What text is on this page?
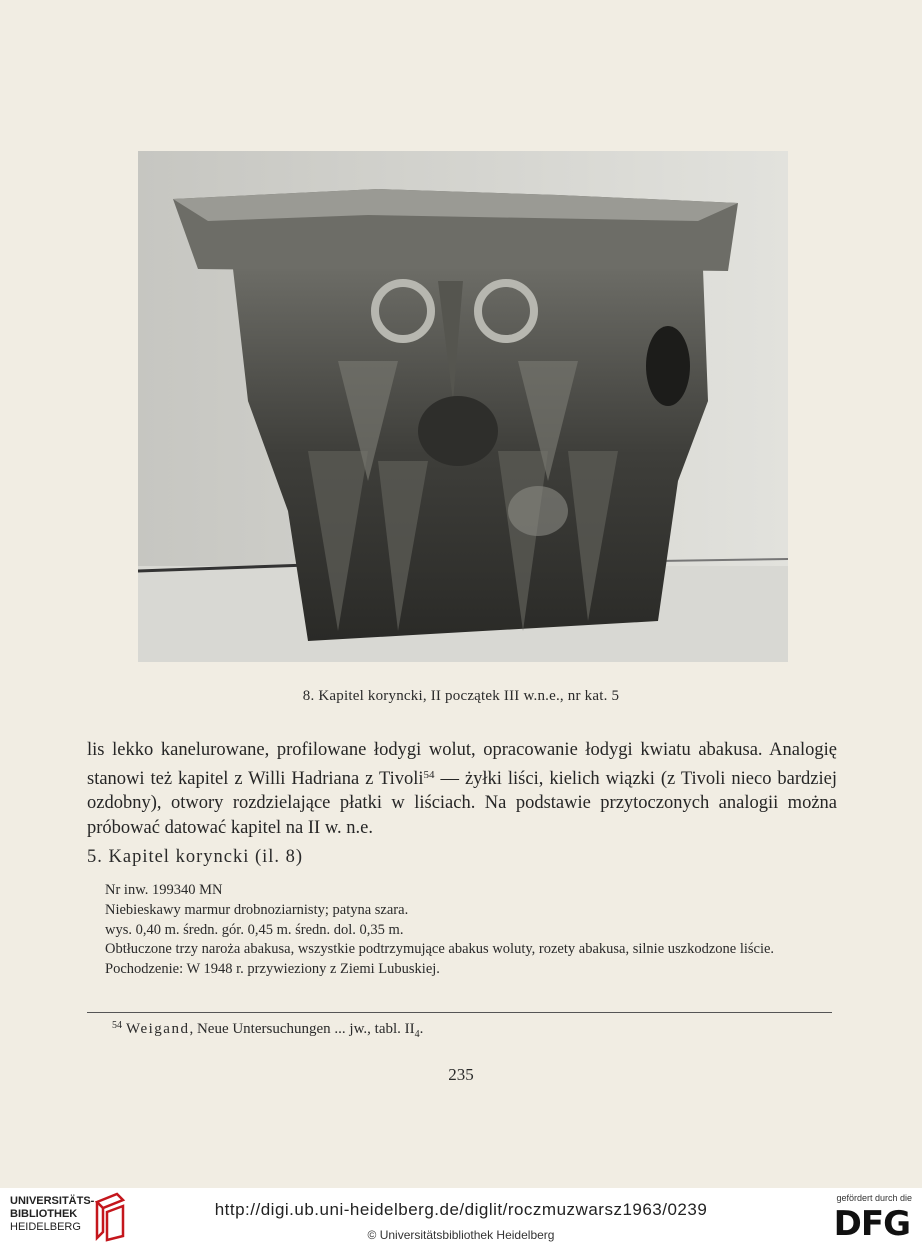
8. Kapitel koryncki, II początek III w.n.e., nr kat. 5

lis lekko kanelurowane, profilowane łodygi wolut, opracowanie łodygi kwiatu abakusa. Analogię stanowi też kapitel z Willi Hadriana z Tivoli$^{54}$ — żyłki liści, kielich wiązki (z Tivoli nieco bardziej ozdobny), otwory rozdzielające płatki w liściach. Na podstawie przytoczonych analogii można próbować datować kapitel na II w. n.e.

5. Kapitel koryncki (il. 8)
Nr inw. 199340 MN
Niebieskawy marmur drobnoziarnisty; patyna szara.
wys. 0,40 m. średn. gór. 0,45 m. średn. dol. 0,35 m.
Obtłuczone trzy naroża abakusa, wszystkie podtrzymujące abakus woluty, rozety abakusa, silnie uszkodzone liście.
Pochodzenie: W 1948 r. przywieziony z Ziemi Lubuskiej.
$^{54}$ Weigand, Neue Untersuchungen ... jw., tabl. $II_4$.
235
UNIVERSITÄTS-
BIBLIOTHEK
HEIDELBERG
http://digi.ub.uni-heidelberg.de/diglit/roczmuzwarsz1963/0239
© Universitätsbibliothek Heidelberg
gefördert durch die
DFG
